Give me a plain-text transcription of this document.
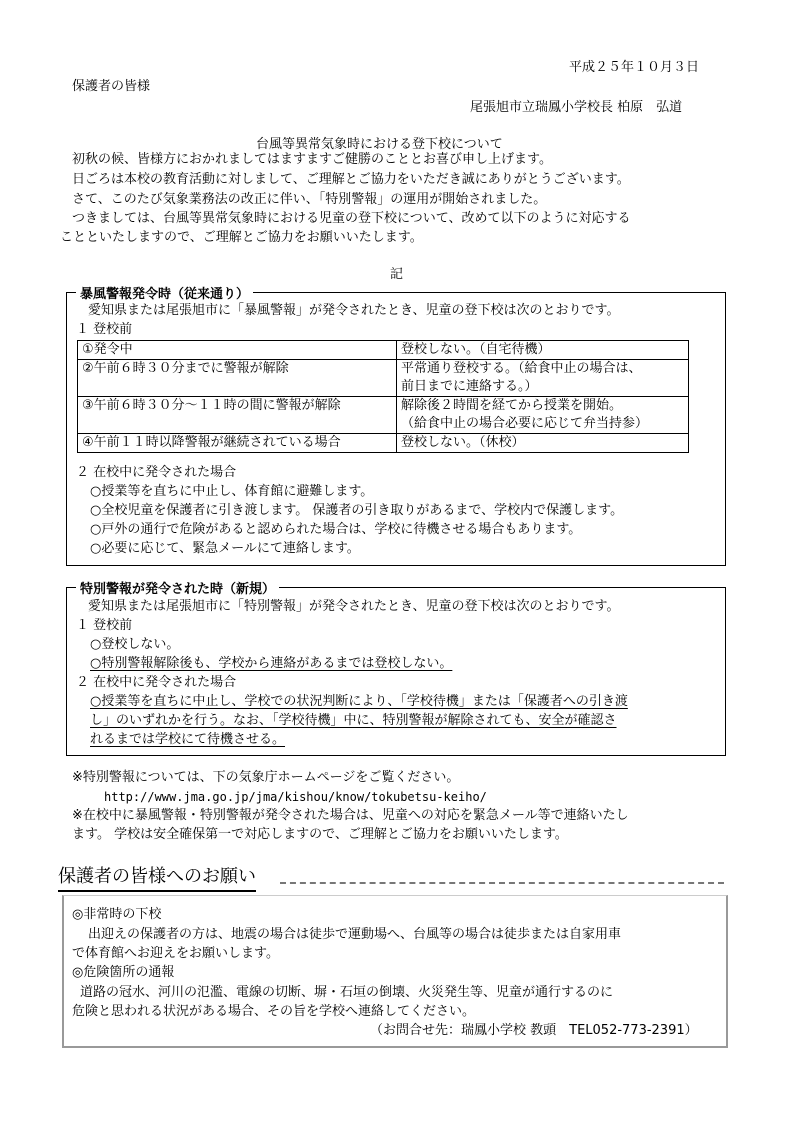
平成２５年１０月３日
保護者の皆様
尾張旭市立瑞鳳小学校長 柏原　弘道
台風等異常気象時における登下校について
初秋の候、皆様方におかれましてはますますご健勝のこととお喜び申し上げます。
日ごろは本校の教育活動に対しまして、ご理解とご協力をいただき誠にありがとうございます。
さて、このたび気象業務法の改正に伴い、「特別警報」の運用が開始されました。
つきましては、台風等異常気象時における児童の登下校について、改めて以下のように対応する
ことといたしますので、ご理解とご協力をお願いいたします。
記
暴風警報発令時（従来通り）
愛知県または尾張旭市に「暴風警報」が発令されたとき、児童の登下校は次のとおりです。
１ 登校前
①発令中	登校しない。（自宅待機）

②午前６時３０分までに警報が解除	平常通り登校する。（給食中止の場合は、
前日までに連絡する。）

③午前６時３０分～１１時の間に警報が解除	解除後２時間を経てから授業を開始。
（給食中止の場合必要に応じて弁当持参）

④午前１１時以降警報が継続されている場合	登校しない。（休校）
２ 在校中に発令された場合
○授業等を直ちに中止し、体育館に避難します。
○全校児童を保護者に引き渡します。 保護者の引き取りがあるまで、学校内で保護します。
○戸外の通行で危険があると認められた場合は、学校に待機させる場合もあります。
○必要に応じて、緊急メールにて連絡します。
特別警報が発令された時（新規）
愛知県または尾張旭市に「特別警報」が発令されたとき、児童の登下校は次のとおりです。
１ 登校前
○登校しない。
○特別警報解除後も、学校から連絡があるまでは登校しない。
２ 在校中に発令された場合
○授業等を直ちに中止し、学校での状況判断により、「学校待機」または「保護者への引き渡
し」のいずれかを行う。なお、「学校待機」中に、特別警報が解除されても、安全が確認さ
れるまでは学校にて待機させる。
※特別警報については、下の気象庁ホームページをご覧ください。
http://www.jma.go.jp/jma/kishou/know/tokubetsu-keiho/
※在校中に暴風警報・特別警報が発令された場合は、児童への対応を緊急メール等で連絡いたし
ます。 学校は安全確保第一で対応しますので、ご理解とご協力をお願いいたします。
保護者の皆様へのお願い
◎非常時の下校
出迎えの保護者の方は、地震の場合は徒歩で運動場へ、台風等の場合は徒歩または自家用車
で体育館へお迎えをお願いします。
◎危険箇所の通報
道路の冠水、河川の氾濫、電線の切断、塀・石垣の倒壊、火災発生等、児童が通行するのに
危険と思われる状況がある場合、その旨を学校へ連絡してください。
（お問合せ先：瑞鳳小学校 教頭　TEL052-773-2391）
